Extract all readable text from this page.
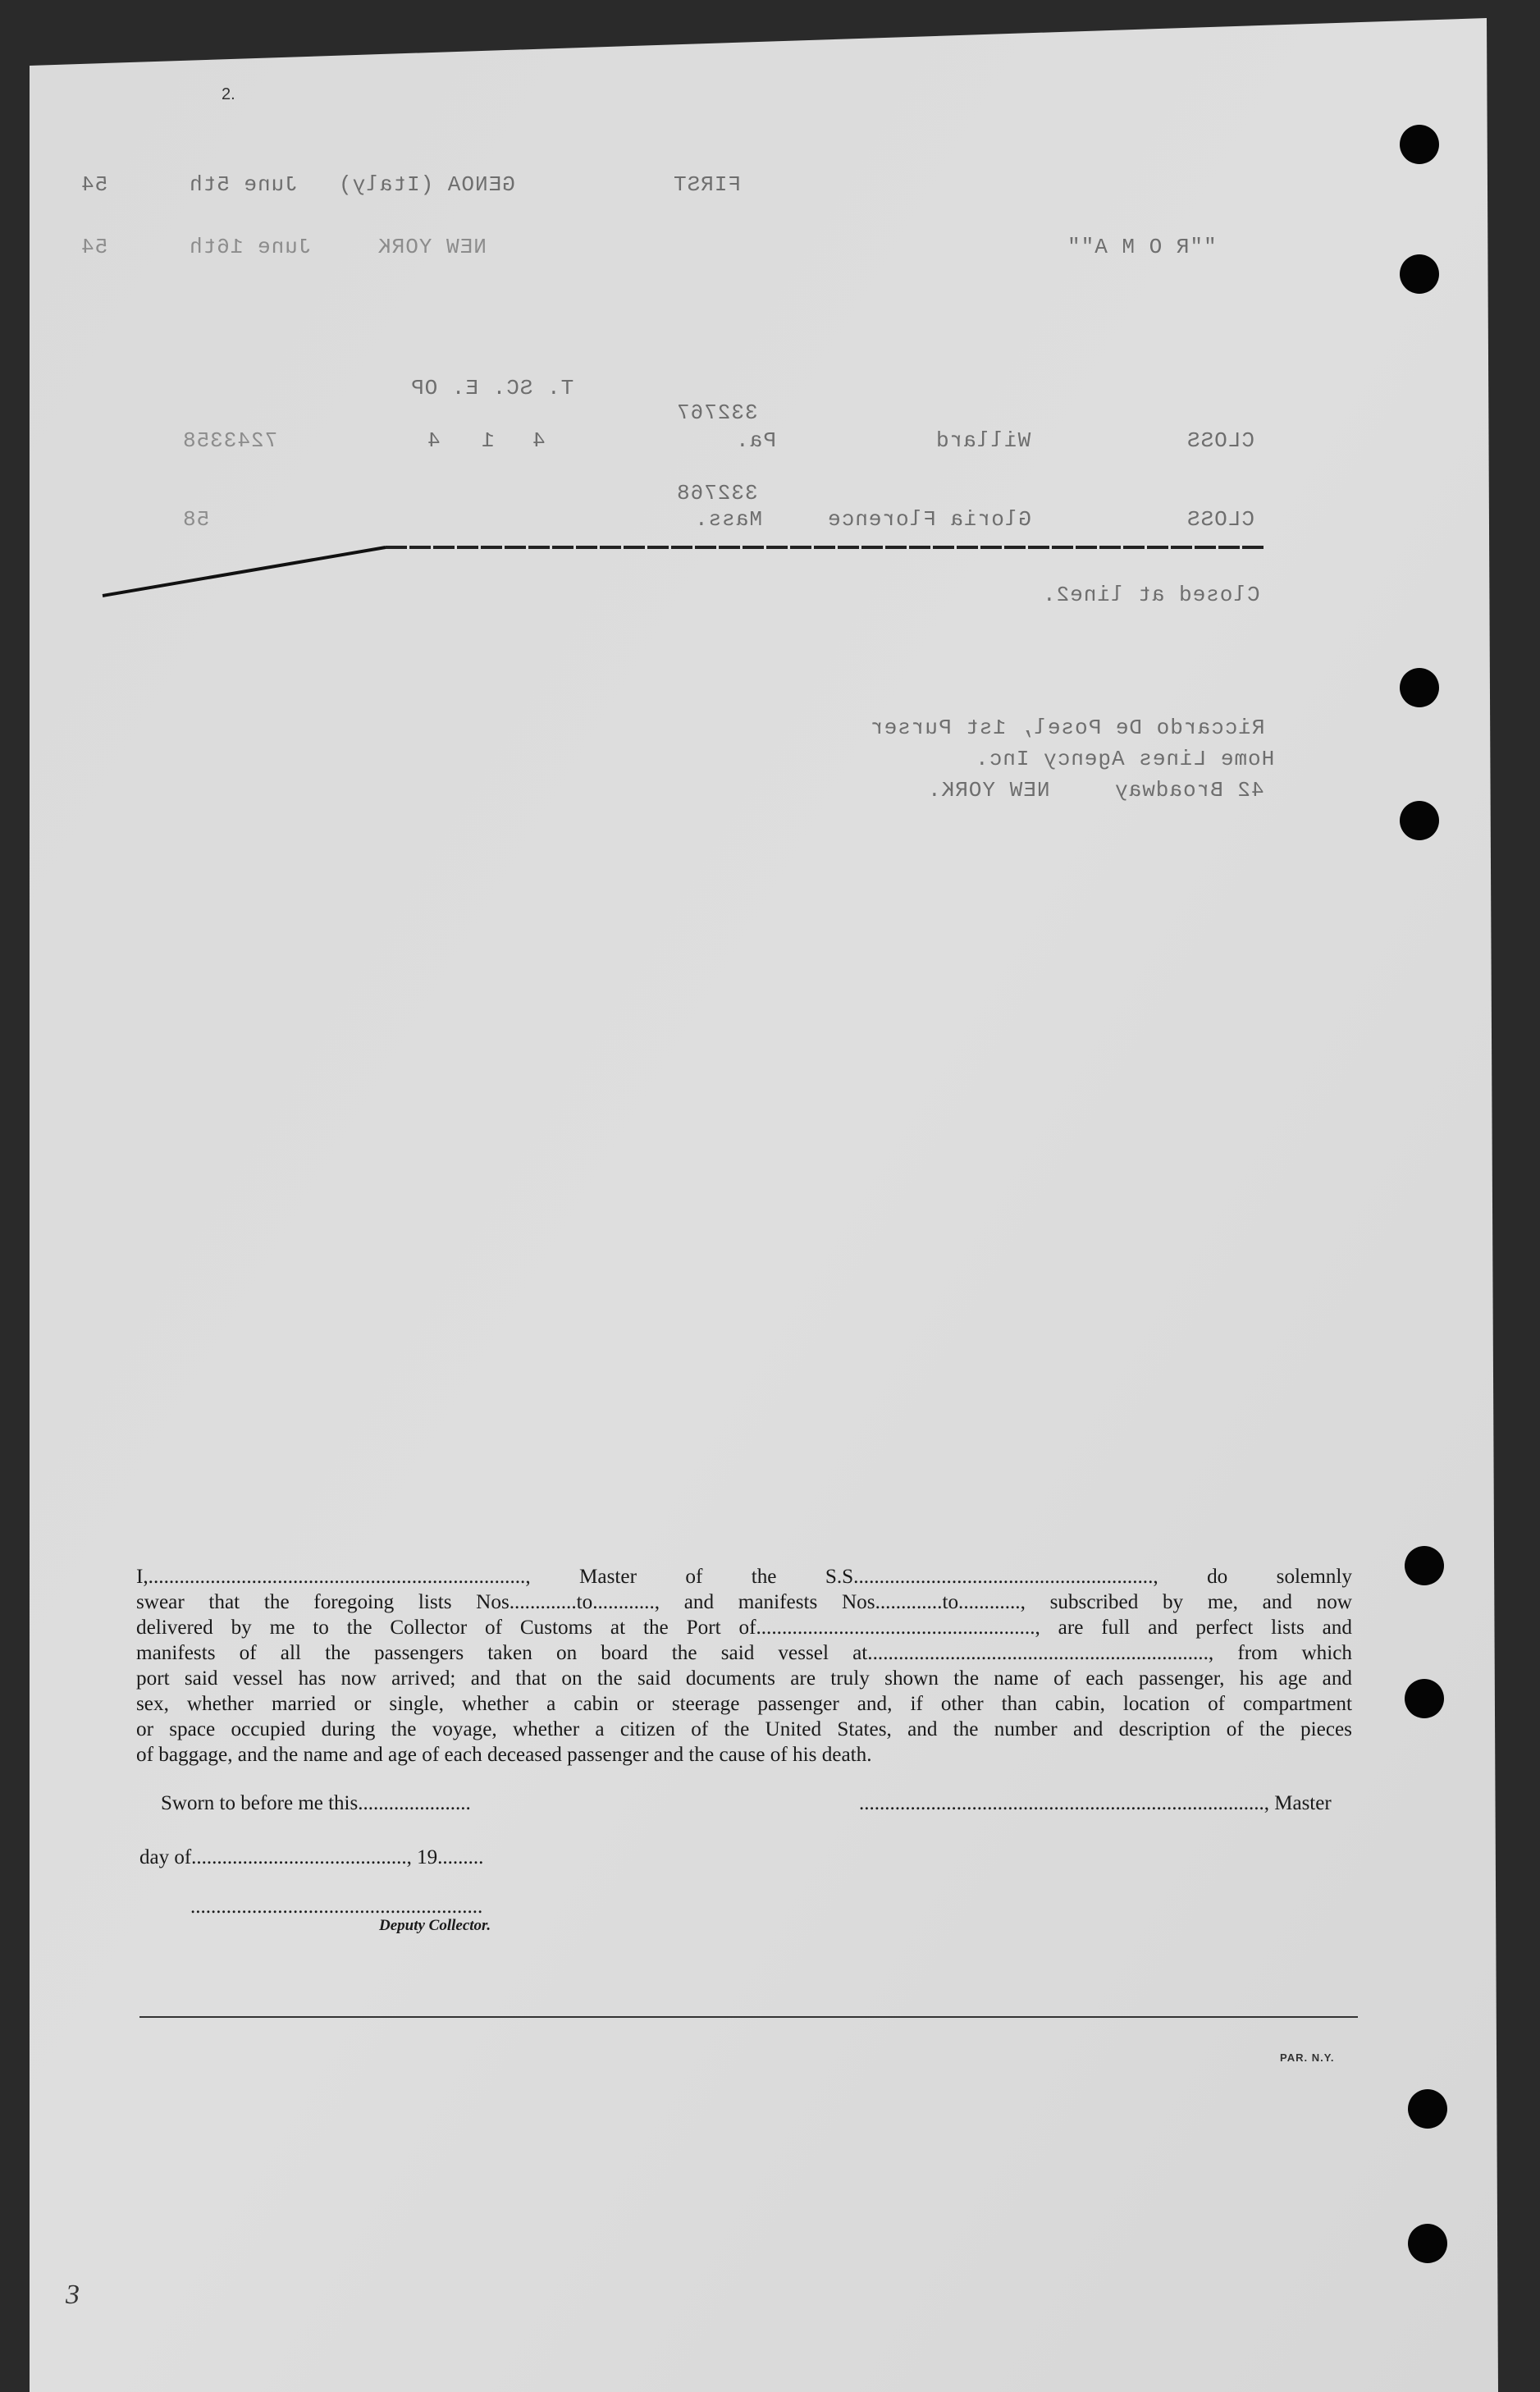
2.
54	June 5th GENOA (Italy)	FIRST
54	June 16th	NEW YORK	""R O M A""
T. SC. E. OP
332767
7243358	4 1 4	Pa.	Willard	CLOSS
332768
58	Mass.	Gloria Florence	CLOSS
Closed at line2.
Riccardo De Posel, 1st Purser
Home Lines Agency Inc.
NEW YORK.	42 Broadway
I,........................................................................., Master of the S.S.........................................................., do solemnly
swear that the foregoing lists Nos.............to............, and manifests Nos.............to............, subscribed by me, and now
delivered by me to the Collector of Customs at the Port of......................................................, are full and perfect lists and
manifests of all the passengers taken on board the said vessel at.................................................................., from which
port said vessel has now arrived; and that on the said documents are truly shown the name of each passenger, his age and
sex, whether married or single, whether a cabin or steerage passenger and, if other than cabin, location of compartment
or space occupied during the voyage, whether a citizen of the United States, and the number and description of the pieces
of baggage, and the name and age of each deceased passenger and the cause of his death.
Sworn to before me this......................	..............................................................................., Master
day of.........................................., 19.........
.........................................................
Deputy Collector.
PAR. N.Y.
3
